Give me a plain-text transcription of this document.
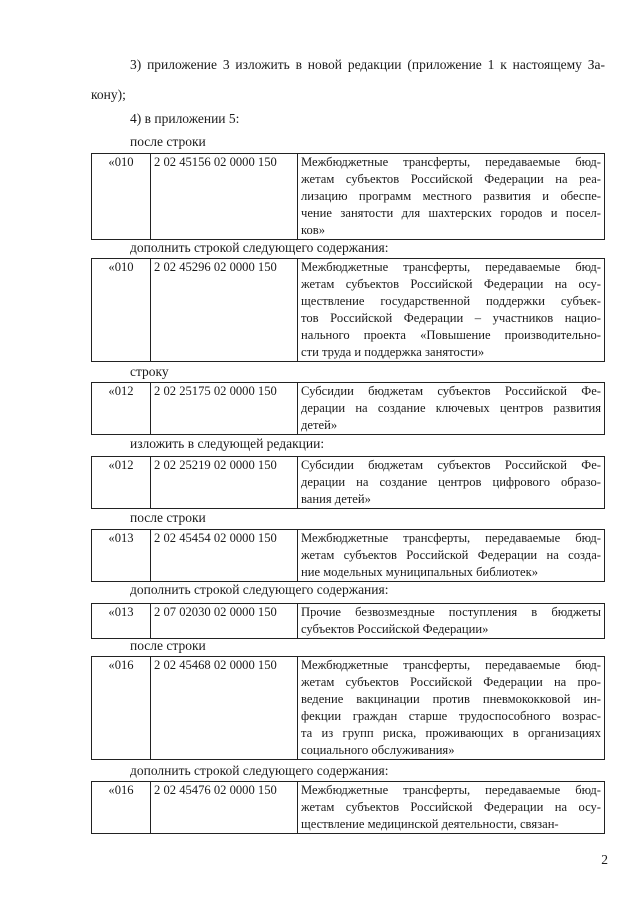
3) приложение 3 изложить в новой редакции (приложение 1 к настоящему За-
кону);
4) в приложении 5:
после строки
«010	2 02 45156 02 0000 150	Межбюджетные трансферты, передаваемые бюд-
жетам субъектов Российской Федерации на реа-
лизацию программ местного развития и обеспе-
чение занятости для шахтерских городов и посел-
ков»
дополнить строкой следующего содержания:
«010	2 02 45296 02 0000 150	Межбюджетные трансферты, передаваемые бюд-
жетам субъектов Российской Федерации на осу-
ществление государственной поддержки субъек-
тов Российской Федерации – участников нацио-
нального проекта «Повышение производительно-
сти труда и поддержка занятости»
строку
«012	2 02 25175 02 0000 150	Субсидии бюджетам субъектов Российской Фе-
дерации на создание ключевых центров развития
детей»
изложить в следующей редакции:
«012	2 02 25219 02 0000 150	Субсидии бюджетам субъектов Российской Фе-
дерации на создание центров цифрового образо-
вания детей»
после строки
«013	2 02 45454 02 0000 150	Межбюджетные трансферты, передаваемые бюд-
жетам субъектов Российской Федерации на созда-
ние модельных муниципальных библиотек»
дополнить строкой следующего содержания:
«013	2 07 02030 02 0000 150	Прочие безвозмездные поступления в бюджеты
субъектов Российской Федерации»
после строки
«016	2 02 45468 02 0000 150	Межбюджетные трансферты, передаваемые бюд-
жетам субъектов Российской Федерации на про-
ведение вакцинации против пневмококковой ин-
фекции граждан старше трудоспособного возрас-
та из групп риска, проживающих в организациях
социального обслуживания»
дополнить строкой следующего содержания:
«016	2 02 45476 02 0000 150	Межбюджетные трансферты, передаваемые бюд-
жетам субъектов Российской Федерации на осу-
ществление медицинской деятельности, связан-
2
